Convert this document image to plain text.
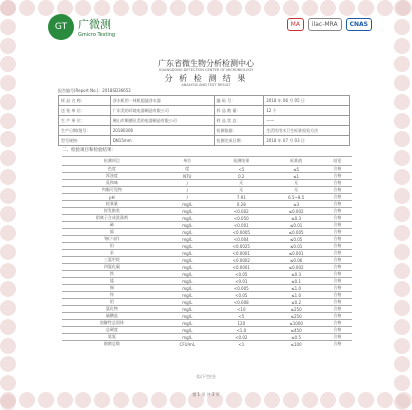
GT 广微测
Gmicro Testing
MA	ilac-MRA	CNAS
广东省微生物分析检测中心
GUANGDONG DETECTION CENTER OF MICROBIOLOGY
分 析 检 测 结 果
ANALYSIS AND TEST RESULT
报告编号(Report No.)：2018SD36652
样 品 名 称：	净水机用一体机超滤净水器	编 码 号：	2018 年 06 月 05 日
送 检 单 位：	广东美的环境电器制造有限公司	样 品 数 量：	12 个
生 产 单 位：	佛山市顺德区美的电器制造有限公司	样 品 状 态：	——
生产日期/批号：	20180306	检测依据：	生活饮用水卫生标准检验方法
型号规格：	DN15mm	检测完成日期：	2018 年 07 月 03 日
二、检验项目和检验结果：
检测项目	单位	检测结果	标准值	结论
色度	度	<5	≤5	合格
浑浊度	NTU	0.2	≤1	合格
臭和味	/	无	无	合格
肉眼可见物	/	无	无	合格
pH	/	7.91	6.5~8.5	合格
耗氧量	mg/L	0.28	≤3	合格
挥发酚类	mg/L	<0.002	≤0.002	合格
阴离子合成洗涤剂	mg/L	<0.050	≤0.3	合格
砷	mg/L	<0.001	≤0.01	合格
镉	mg/L	<0.0005	≤0.005	合格
铬(六价)	mg/L	<0.004	≤0.05	合格
铅	mg/L	<0.0025	≤0.01	合格
汞	mg/L	<0.0001	≤0.001	合格
三氯甲烷	mg/L	<0.0002	≤0.06	合格
四氯化碳	mg/L	<0.0001	≤0.002	合格
铁	mg/L	<0.05	≤0.3	合格
锰	mg/L	<0.01	≤0.1	合格
铜	mg/L	<0.005	≤1.0	合格
锌	mg/L	<0.05	≤1.0	合格
铝	mg/L	<0.008	≤0.2	合格
氯化物	mg/L	<10	≤250	合格
硫酸盐	mg/L	<5	≤250	合格
溶解性总固体	mg/L	120	≤1000	合格
总硬度	mg/L	<1.0	≤450	合格
氨氮	mg/L	<0.02	≤0.5	合格
细菌总数	CFU/mL	<1	≤100	合格
(以下空白)
第 1 页 共 3 页
